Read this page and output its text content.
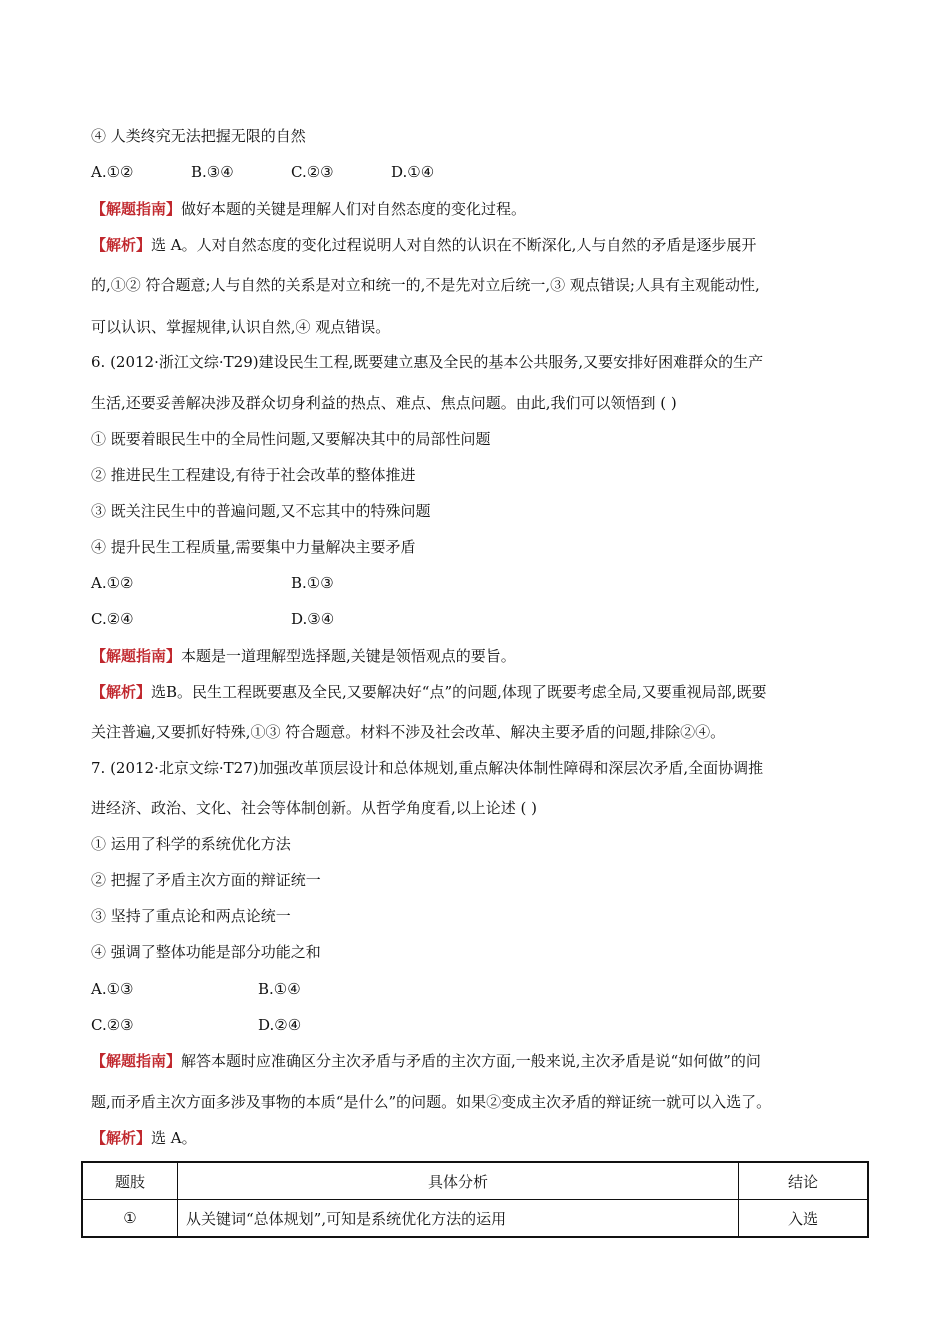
④ 人类终究无法把握无限的自然
A.①②	B.③④	C.②③	D.①④
【解题指南】做好本题的关键是理解人们对自然态度的变化过程。
【解析】选 A。人对自然态度的变化过程说明人对自然的认识在不断深化,人与自然的矛盾是逐步展开
的,①② 符合题意;人与自然的关系是对立和统一的,不是先对立后统一,③ 观点错误;人具有主观能动性,
可以认识、掌握规律,认识自然,④ 观点错误。
6. (2012·浙江文综·T29)建设民生工程,既要建立惠及全民的基本公共服务,又要安排好困难群众的生产
生活,还要妥善解决涉及群众切身利益的热点、难点、焦点问题。由此,我们可以领悟到 ( )
① 既要着眼民生中的全局性问题,又要解决其中的局部性问题
② 推进民生工程建设,有待于社会改革的整体推进
③ 既关注民生中的普遍问题,又不忘其中的特殊问题
④ 提升民生工程质量,需要集中力量解决主要矛盾
A.①②	B.①③
C.②④	D.③④
【解题指南】本题是一道理解型选择题,关键是领悟观点的要旨。
【解析】选B。民生工程既要惠及全民,又要解决好“点”的问题,体现了既要考虑全局,又要重视局部,既要
关注普遍,又要抓好特殊,①③ 符合题意。材料不涉及社会改革、解决主要矛盾的问题,排除②④。
7. (2012·北京文综·T27)加强改革顶层设计和总体规划,重点解决体制性障碍和深层次矛盾,全面协调推
进经济、政治、文化、社会等体制创新。从哲学角度看,以上论述 ( )
① 运用了科学的系统优化方法
② 把握了矛盾主次方面的辩证统一
③ 坚持了重点论和两点论统一
④ 强调了整体功能是部分功能之和
A.①③	B.①④
C.②③	D.②④
【解题指南】解答本题时应准确区分主次矛盾与矛盾的主次方面,一般来说,主次矛盾是说“如何做”的问
题,而矛盾主次方面多涉及事物的本质“是什么”的问题。如果②变成主次矛盾的辩证统一就可以入选了。
【解析】选 A。
题肢	具体分析	结论
①	从关键词“总体规划”,可知是系统优化方法的运用	入选
